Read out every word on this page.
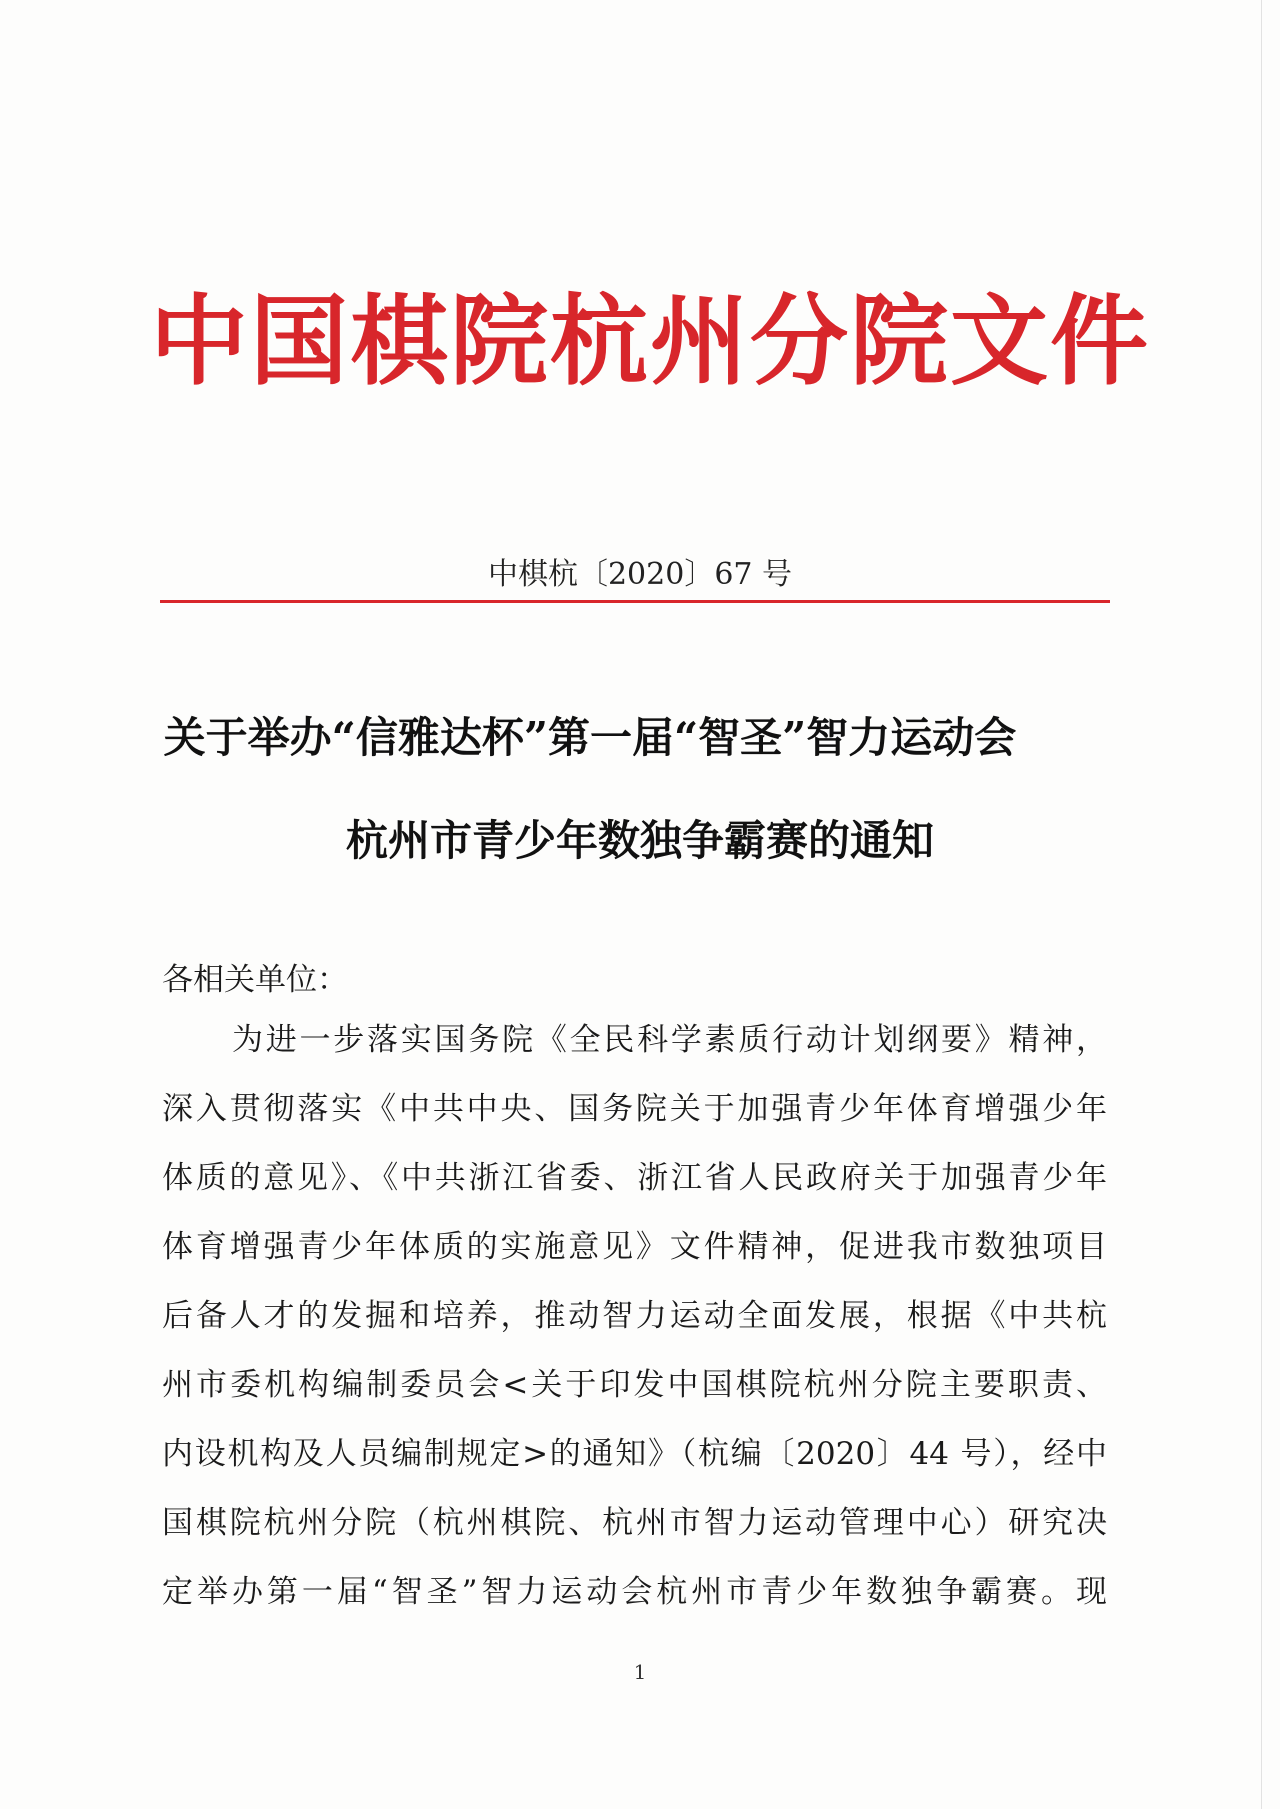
中国棋院杭州分院文件
中棋杭〔2020〕67 号
关于举办“信雅达杯”第一届“智圣”智力运动会
杭州市青少年数独争霸赛的通知
各相关单位：
为进一步落实国务院《全民科学素质行动计划纲要》精神，
深入贯彻落实《中共中央、国务院关于加强青少年体育增强少年
体质的意见》、《中共浙江省委、浙江省人民政府关于加强青少年
体育增强青少年体质的实施意见》文件精神，促进我市数独项目
后备人才的发掘和培养，推动智力运动全面发展，根据《中共杭
州市委机构编制委员会<关于印发中国棋院杭州分院主要职责、
内设机构及人员编制规定>的通知》（杭编〔2020〕44 号），经中
国棋院杭州分院（杭州棋院、杭州市智力运动管理中心）研究决
定举办第一届“智圣”智力运动会杭州市青少年数独争霸赛。现
1
